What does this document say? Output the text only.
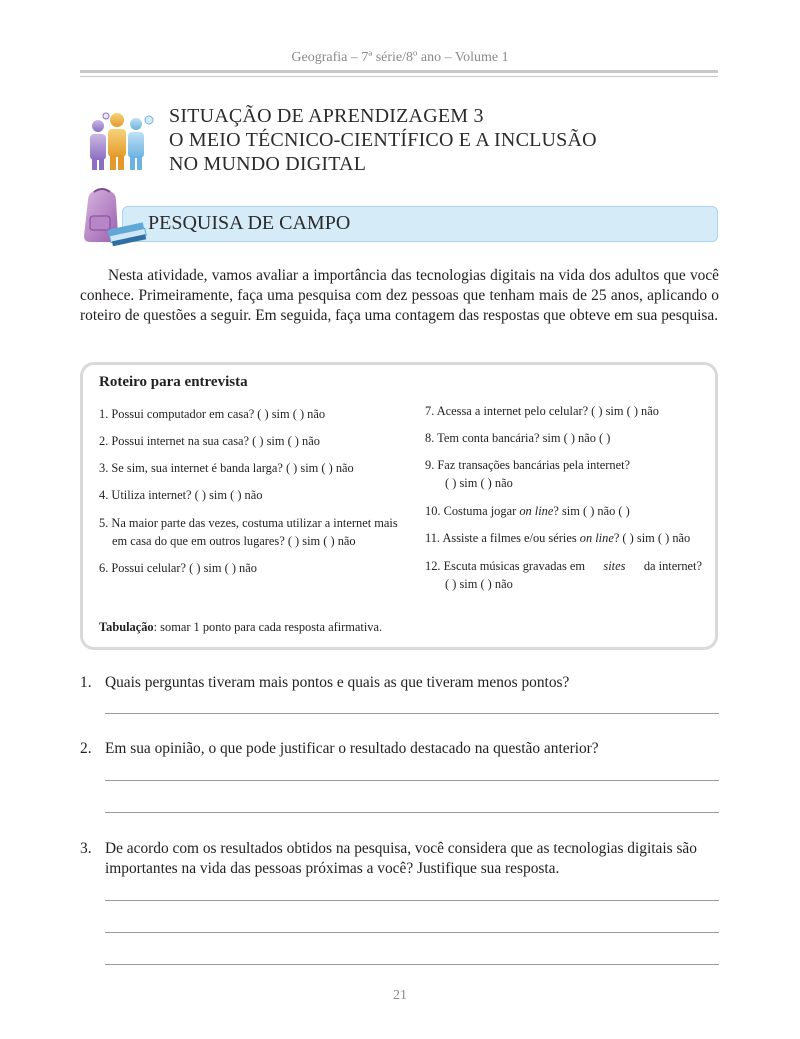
Geografia – 7ª série/8º ano – Volume 1
SITUAÇÃO DE APRENDIZAGEM 3
O MEIO TÉCNICO-CIENTÍFICO E A INCLUSÃO
NO MUNDO DIGITAL
PESQUISA DE CAMPO

Nesta atividade, vamos avaliar a importância das tecnologias digitais na vida dos adultos que você conhece. Primeiramente, faça uma pesquisa com dez pessoas que tenham mais de 25 anos, aplicando o roteiro de questões a seguir. Em seguida, faça uma contagem das respostas que obteve em sua pesquisa.

Roteiro para entrevista
1. Possui computador em casa? ( ) sim ( ) não
2. Possui internet na sua casa? ( ) sim ( ) não
3. Se sim, sua internet é banda larga? ( ) sim ( ) não
4. Utiliza internet? ( ) sim ( ) não
5. Na maior parte das vezes, costuma utilizar a internet mais
em casa do que em outros lugares? ( ) sim ( ) não
6. Possui celular? ( ) sim ( ) não
7. Acessa a internet pelo celular? ( ) sim ( ) não
8. Tem conta bancária? sim ( ) não ( )
9. Faz transações bancárias pela internet?
( ) sim ( ) não
10. Costuma jogar on line? sim ( ) não ( )
11. Assiste a filmes e/ou séries on line? ( ) sim ( ) não
12. Escuta músicas gravadas em sites da internet?
( ) sim ( ) não
Tabulação: somar 1 ponto para cada resposta afirmativa.
1. Quais perguntas tiveram mais pontos e quais as que tiveram menos pontos?
2. Em sua opinião, o que pode justificar o resultado destacado na questão anterior?
3. De acordo com os resultados obtidos na pesquisa, você considera que as tecnologias digitais são importantes na vida das pessoas próximas a você? Justifique sua resposta.
21
